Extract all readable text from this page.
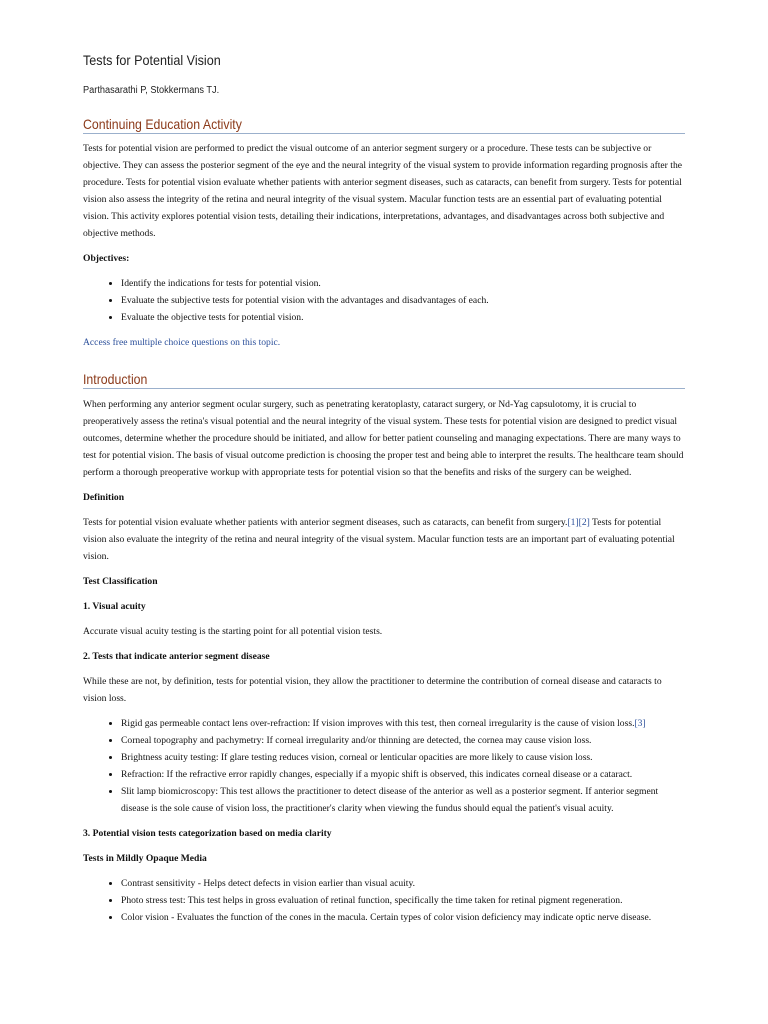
Tests for Potential Vision

Parthasarathi P, Stokkermans TJ.

Continuing Education Activity

Tests for potential vision are performed to predict the visual outcome of an anterior segment surgery or a procedure. These tests can be subjective or objective. They can assess the posterior segment of the eye and the neural integrity of the visual system to provide information regarding prognosis after the procedure. Tests for potential vision evaluate whether patients with anterior segment diseases, such as cataracts, can benefit from surgery. Tests for potential vision also assess the integrity of the retina and neural integrity of the visual system. Macular function tests are an essential part of evaluating potential vision. This activity explores potential vision tests, detailing their indications, interpretations, advantages, and disadvantages across both subjective and objective methods.

Objectives:

• Identify the indications for tests for potential vision.
• Evaluate the subjective tests for potential vision with the advantages and disadvantages of each.
• Evaluate the objective tests for potential vision.

Access free multiple choice questions on this topic.

Introduction

When performing any anterior segment ocular surgery, such as penetrating keratoplasty, cataract surgery, or Nd-Yag capsulotomy, it is crucial to preoperatively assess the retina's visual potential and the neural integrity of the visual system. These tests for potential vision are designed to predict visual outcomes, determine whether the procedure should be initiated, and allow for better patient counseling and managing expectations. There are many ways to test for potential vision. The basis of visual outcome prediction is choosing the proper test and being able to interpret the results. The healthcare team should perform a thorough preoperative workup with appropriate tests for potential vision so that the benefits and risks of the surgery can be weighed.

Definition

Tests for potential vision evaluate whether patients with anterior segment diseases, such as cataracts, can benefit from surgery.[1][2] Tests for potential vision also evaluate the integrity of the retina and neural integrity of the visual system. Macular function tests are an important part of evaluating potential vision.

Test Classification

1. Visual acuity

Accurate visual acuity testing is the starting point for all potential vision tests.

2. Tests that indicate anterior segment disease

While these are not, by definition, tests for potential vision, they allow the practitioner to determine the contribution of corneal disease and cataracts to vision loss.

• Rigid gas permeable contact lens over-refraction: If vision improves with this test, then corneal irregularity is the cause of vision loss.[3]
• Corneal topography and pachymetry: If corneal irregularity and/or thinning are detected, the cornea may cause vision loss.
• Brightness acuity testing: If glare testing reduces vision, corneal or lenticular opacities are more likely to cause vision loss.
• Refraction: If the refractive error rapidly changes, especially if a myopic shift is observed, this indicates corneal disease or a cataract.
• Slit lamp biomicroscopy: This test allows the practitioner to detect disease of the anterior as well as a posterior segment. If anterior segment disease is the sole cause of vision loss, the practitioner's clarity when viewing the fundus should equal the patient's visual acuity.

3. Potential vision tests categorization based on media clarity

Tests in Mildly Opaque Media

• Contrast sensitivity - Helps detect defects in vision earlier than visual acuity.
• Photo stress test: This test helps in gross evaluation of retinal function, specifically the time taken for retinal pigment regeneration.
• Color vision - Evaluates the function of the cones in the macula. Certain types of color vision deficiency may indicate optic nerve disease.
